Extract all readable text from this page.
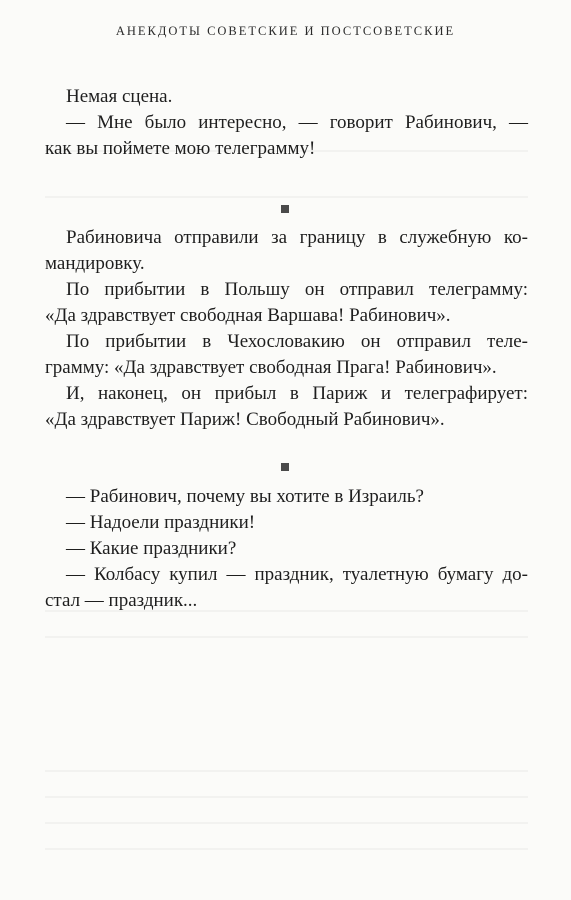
АНЕКДОТЫ СОВЕТСКИЕ И ПОСТСОВЕТСКИЕ
Немая сцена.
— Мне было интересно, — говорит Рабинович, —
как вы поймете мою телеграмму!
Рабиновича отправили за границу в служебную ко-
мандировку.
По прибытии в Польшу он отправил телеграмму:
«Да здравствует свободная Варшава! Рабинович».
По прибытии в Чехословакию он отправил теле-
грамму: «Да здравствует свободная Прага! Рабинович».
И, наконец, он прибыл в Париж и телеграфирует:
«Да здравствует Париж! Свободный Рабинович».
— Рабинович, почему вы хотите в Израиль?
— Надоели праздники!
— Какие праздники?
— Колбасу купил — праздник, туалетную бумагу до-
стал — праздник...
